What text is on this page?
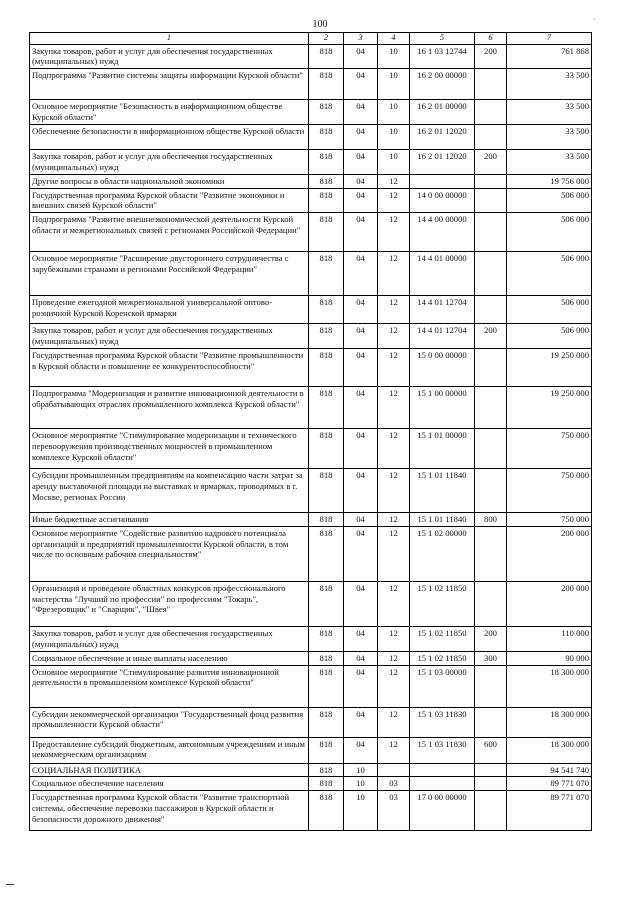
·
100
1	2	3	4	5	6	7
Закупка товаров, работ и услуг для обеспечения государственных (муниципальных) нужд	818	04	10	16 1 03 12744	200	761 868
Подпрограмма "Развитие системы защиты информации Курской области"	818	04	10	16 2 00 00000		33 500
Основное мероприятие "Безопасность в информационном обществе Курской области"	818	04	10	16 2 01 00000		33 500
Обеспечение безопасности в информационном обществе Курской области	818	04	10	16 2 01 12020		33 500
Закупка товаров, работ и услуг для обеспечения государственных (муниципальных) нужд	818	04	10	16 2 01 12020	200	33 500
Другие вопросы в области национальной экономики	818	04	12			19 756 000
Государственная программа Курской области "Развитие экономики и внешних связей Курской области"	818	04	12	14 0 00 00000		506 000
Подпрограмма "Развитие внешнеэкономической деятельности Курской области и межрегиональных связей с регионами Российской Федерации"	818	04	12	14 4 00 00000		506 000
Основное мероприятие "Расширение двустороннего сотрудничества с зарубежными странами и регионами Российской Федерации"	818	04	12	14 4 01 00000		506 000
Проведение ежегодной межрегиональной универсальной оптово-розничной Курской Коренской ярмарки	818	04	12	14 4 01 12704		506 000
Закупка товаров, работ и услуг для обеспечения государственных (муниципальных) нужд	818	04	12	14 4 01 12704	200	506 000
Государственная программа Курской области "Развитие промышленности в Курской области и повышение ее конкурентоспособности"	818	04	12	15 0 00 00000		19 250 000
Подпрограмма "Модернизация и развитие инновационной деятельности в обрабатывающих отраслях промышленного комплекса Курской области"	818	04	12	15 1 00 00000		19 250 000
Основное мероприятие "Стимулирование модернизации и технического перевооружения производственных мощностей в промышленном комплексе Курской области"	818	04	12	15 1 01 00000		750 000
Субсидии промышленным предприятиям на компенсацию части затрат за аренду выставочной площади на выставках и ярмарках, проводимых в г. Москве, регионах России	818	04	12	15 1 01 11840		750 000
Иные бюджетные ассигнования	818	04	12	15 1 01 11840	800	750 000
Основное мероприятие "Содействие развитию кадрового потенциала организаций и предприятий промышленности Курской области, в том числе по основным рабочим специальностям"	818	04	12	15 1 02 00000		200 000
Организация и проведение областных конкурсов профессионального мастерства "Лучший по профессии" по профессиям "Токарь", "Фрезеровщик" и "Сварщик", "Швея"	818	04	12	15 1 02 11850		200 000
Закупка товаров, работ и услуг для обеспечения государственных (муниципальных) нужд	818	04	12	15 1 02 11850	200	110 000
Социальное обеспечение и иные выплаты населению	818	04	12	15 1 02 11850	300	90 000
Основное мероприятие "Стимулирование развития инновационной деятельности в промышленном комплексе Курской области"	818	04	12	15 1 03 00000		18 300 000
Субсидии некоммерческой организации "Государственный фонд развития промышленности Курской области"	818	04	12	15 1 03 11830		18 300 000
Предоставление субсидий бюджетным, автономным учреждениям и иным некоммерческим организациям	818	04	12	15 1 03 11830	600	18 300 000
СОЦИАЛЬНАЯ ПОЛИТИКА	818	10				94 541 740
Социальное обеспечение населения	818	10	03			89 771 070
Государственная программа Курской области "Развитие транспортной системы, обеспечение перевозки пассажиров в Курской области и безопасности дорожного движения"	818	10	03	17 0 00 00000		89 771 070
